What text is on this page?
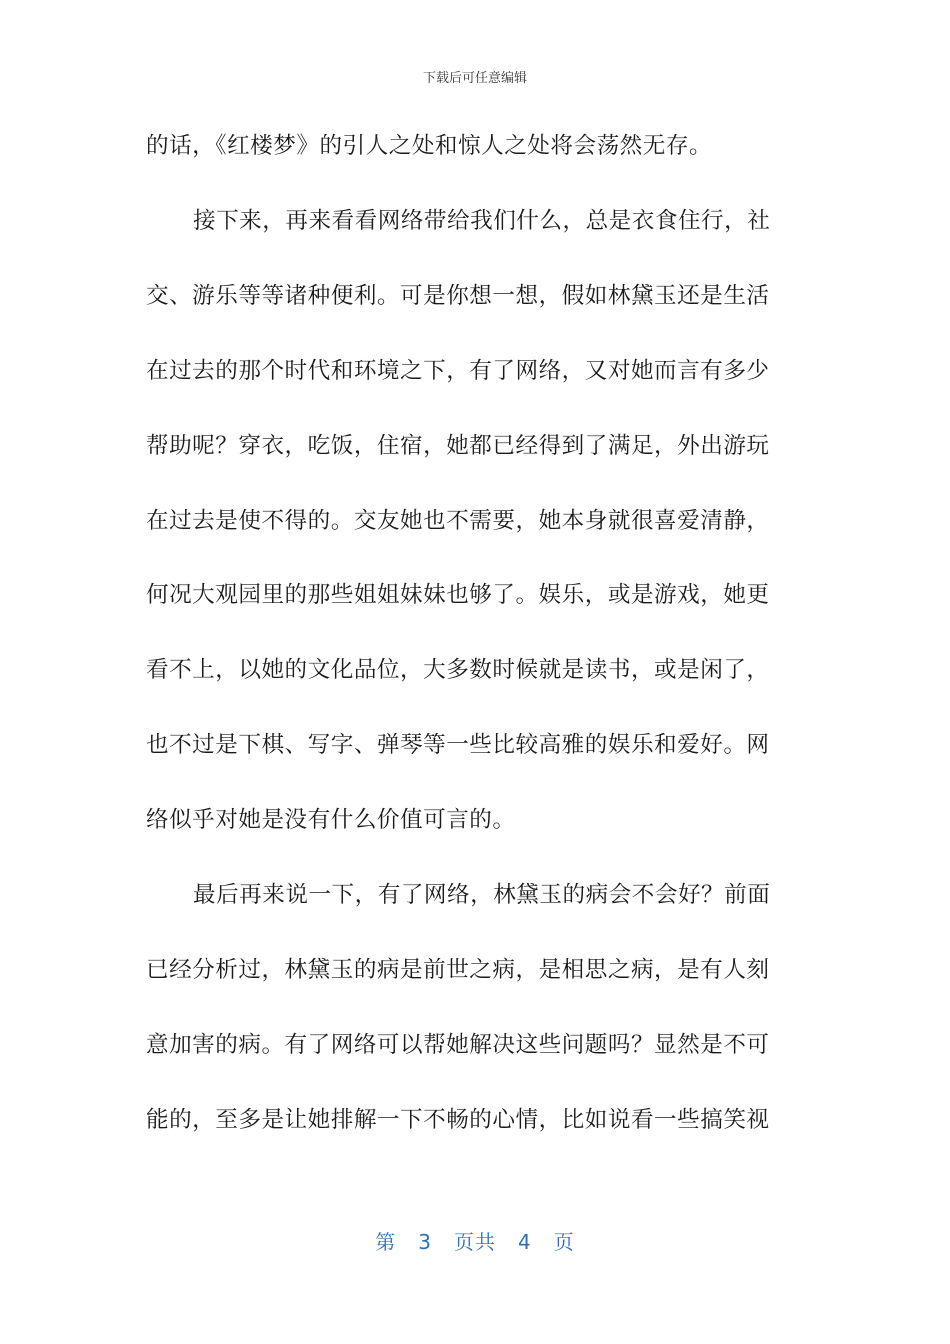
下载后可任意编辑
的话，《红楼梦》的引人之处和惊人之处将会荡然无存。
接下来，再来看看网络带给我们什么，总是衣食住行，社
交、游乐等等诸种便利。可是你想一想，假如林黛玉还是生活
在过去的那个时代和环境之下，有了网络，又对她而言有多少
帮助呢？穿衣，吃饭，住宿，她都已经得到了满足，外出游玩
在过去是使不得的。交友她也不需要，她本身就很喜爱清静，
何况大观园里的那些姐姐妹妹也够了。娱乐，或是游戏，她更
看不上，以她的文化品位，大多数时候就是读书，或是闲了，
也不过是下棋、写字、弹琴等一些比较高雅的娱乐和爱好。网
络似乎对她是没有什么价值可言的。
最后再来说一下，有了网络，林黛玉的病会不会好？前面
已经分析过，林黛玉的病是前世之病，是相思之病，是有人刻
意加害的病。有了网络可以帮她解决这些问题吗？显然是不可
能的，至多是让她排解一下不畅的心情，比如说看一些搞笑视
第 3 页共 4 页
